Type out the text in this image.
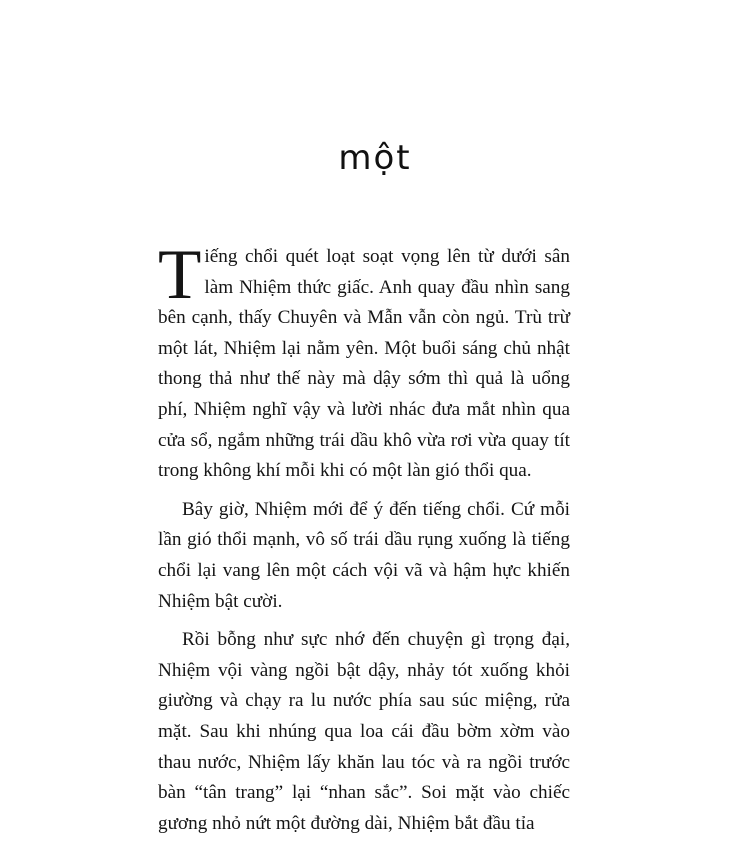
một

Tiếng chổi quét loạt soạt vọng lên từ dưới sân làm Nhiệm thức giấc. Anh quay đầu nhìn sang bên cạnh, thấy Chuyên và Mẫn vẫn còn ngủ. Trù trừ một lát, Nhiệm lại nằm yên. Một buổi sáng chủ nhật thong thả như thế này mà dậy sớm thì quả là uổng phí, Nhiệm nghĩ vậy và lười nhác đưa mắt nhìn qua cửa sổ, ngắm những trái dầu khô vừa rơi vừa quay tít trong không khí mỗi khi có một làn gió thổi qua.

Bây giờ, Nhiệm mới để ý đến tiếng chổi. Cứ mỗi lần gió thổi mạnh, vô số trái dầu rụng xuống là tiếng chổi lại vang lên một cách vội vã và hậm hực khiến Nhiệm bật cười.

Rồi bỗng như sực nhớ đến chuyện gì trọng đại, Nhiệm vội vàng ngồi bật dậy, nhảy tót xuống khỏi giường và chạy ra lu nước phía sau súc miệng, rửa mặt. Sau khi nhúng qua loa cái đầu bờm xờm vào thau nước, Nhiệm lấy khăn lau tóc và ra ngồi trước bàn “tân trang” lại “nhan sắc”. Soi mặt vào chiếc gương nhỏ nứt một đường dài, Nhiệm bắt đầu tỉa
